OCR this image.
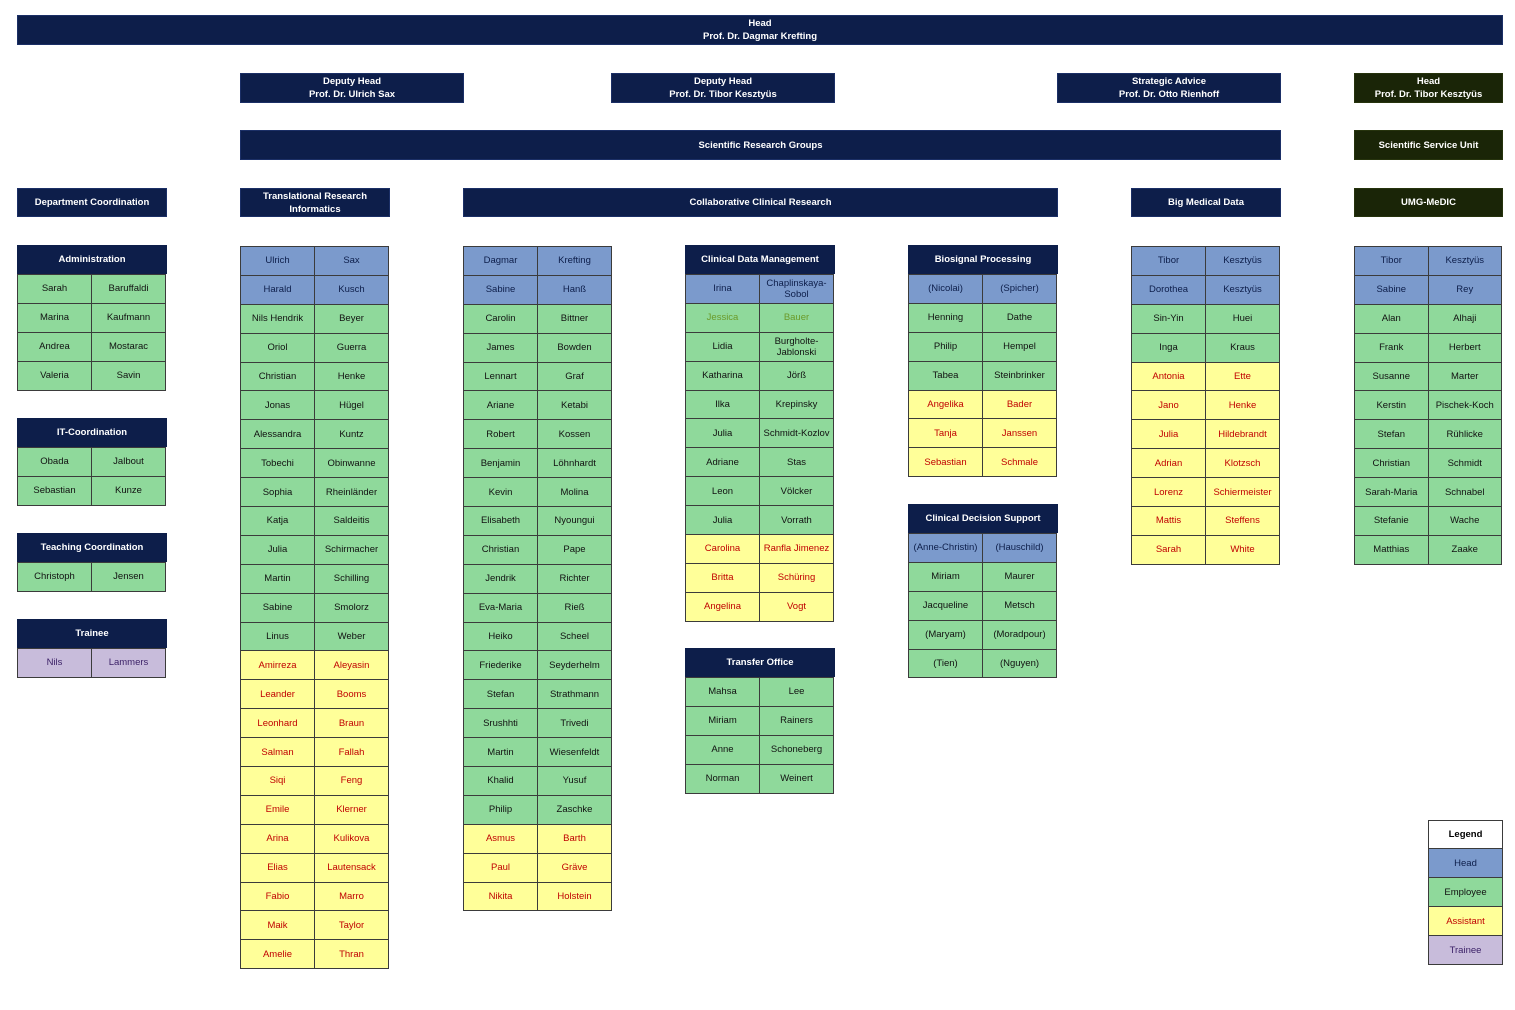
Head
Prof. Dr. Dagmar Krefting
Deputy Head
Prof. Dr. Ulrich Sax
Deputy Head
Prof. Dr. Tibor Kesztyüs
Strategic Advice
Prof. Dr. Otto Rienhoff
Head
Prof. Dr. Tibor Kesztyüs
Scientific Research Groups	Scientific Service Unit
Department Coordination
Translational Research Informatics
Collaborative Clinical Research	Big Medical Data	UMG-MeDIC
Administration
Sarah	Baruffaldi
Marina	Kaufmann
Andrea	Mostarac
Valeria	Savin
IT-Coordination
Obada	Jalbout
Sebastian	Kunze
Teaching Coordination
Christoph	Jensen
Trainee
Nils	Lammers
Ulrich	Sax
Harald	Kusch
Nils Hendrik	Beyer
Oriol	Guerra
Christian	Henke
Jonas	Hügel
Alessandra	Kuntz
Tobechi	Obinwanne
Sophia	Rheinländer
Katja	Saldeitis
Julia	Schirmacher
Martin	Schilling
Sabine	Smolorz
Linus	Weber
Amirreza	Aleyasin
Leander	Booms
Leonhard	Braun
Salman	Fallah
Siqi	Feng
Emile	Klerner
Arina	Kulikova
Elias	Lautensack
Fabio	Marro
Maik	Taylor
Amelie	Thran
Dagmar	Krefting
Sabine	Hanß
Carolin	Bittner
James	Bowden
Lennart	Graf
Ariane	Ketabi
Robert	Kossen
Benjamin	Löhnhardt
Kevin	Molina
Elisabeth	Nyoungui
Christian	Pape
Jendrik	Richter
Eva-Maria	Rieß
Heiko	Scheel
Friederike	Seyderhelm
Stefan	Strathmann
Srushhti	Trivedi
Martin	Wiesenfeldt
Khalid	Yusuf
Philip	Zaschke
Asmus	Barth
Paul	Gräve
Nikita	Holstein
Clinical Data Management
Irina	Chaplinskaya-Sobol
Jessica	Bauer
Lidia	Burgholte-Jablonski
Katharina	Jörß
Ilka	Krepinsky
Julia	Schmidt-Kozlov
Adriane	Stas
Leon	Völcker
Julia	Vorrath
Carolina	Ranfla Jimenez
Britta	Schüring
Angelina	Vogt
Transfer Office
Mahsa	Lee
Miriam	Rainers
Anne	Schoneberg
Norman	Weinert
Biosignal Processing
(Nicolai)	(Spicher)
Henning	Dathe
Philip	Hempel
Tabea	Steinbrinker
Angelika	Bader
Tanja	Janssen
Sebastian	Schmale
Clinical Decision Support
(Anne-Christin)	(Hauschild)
Miriam	Maurer
Jacqueline	Metsch
(Maryam)	(Moradpour)
(Tien)	(Nguyen)
Tibor	Kesztyüs
Dorothea	Kesztyüs
Sin-Yin	Huei
Inga	Kraus
Antonia	Ette
Jano	Henke
Julia	Hildebrandt
Adrian	Klotzsch
Lorenz	Schiermeister
Mattis	Steffens
Sarah	White
Tibor	Kesztyüs
Sabine	Rey
Alan	Alhaji
Frank	Herbert
Susanne	Marter
Kerstin	Pischek-Koch
Stefan	Rühlicke
Christian	Schmidt
Sarah-Maria	Schnabel
Stefanie	Wache
Matthias	Zaake
Legend
Head
Employee
Assistant
Trainee
